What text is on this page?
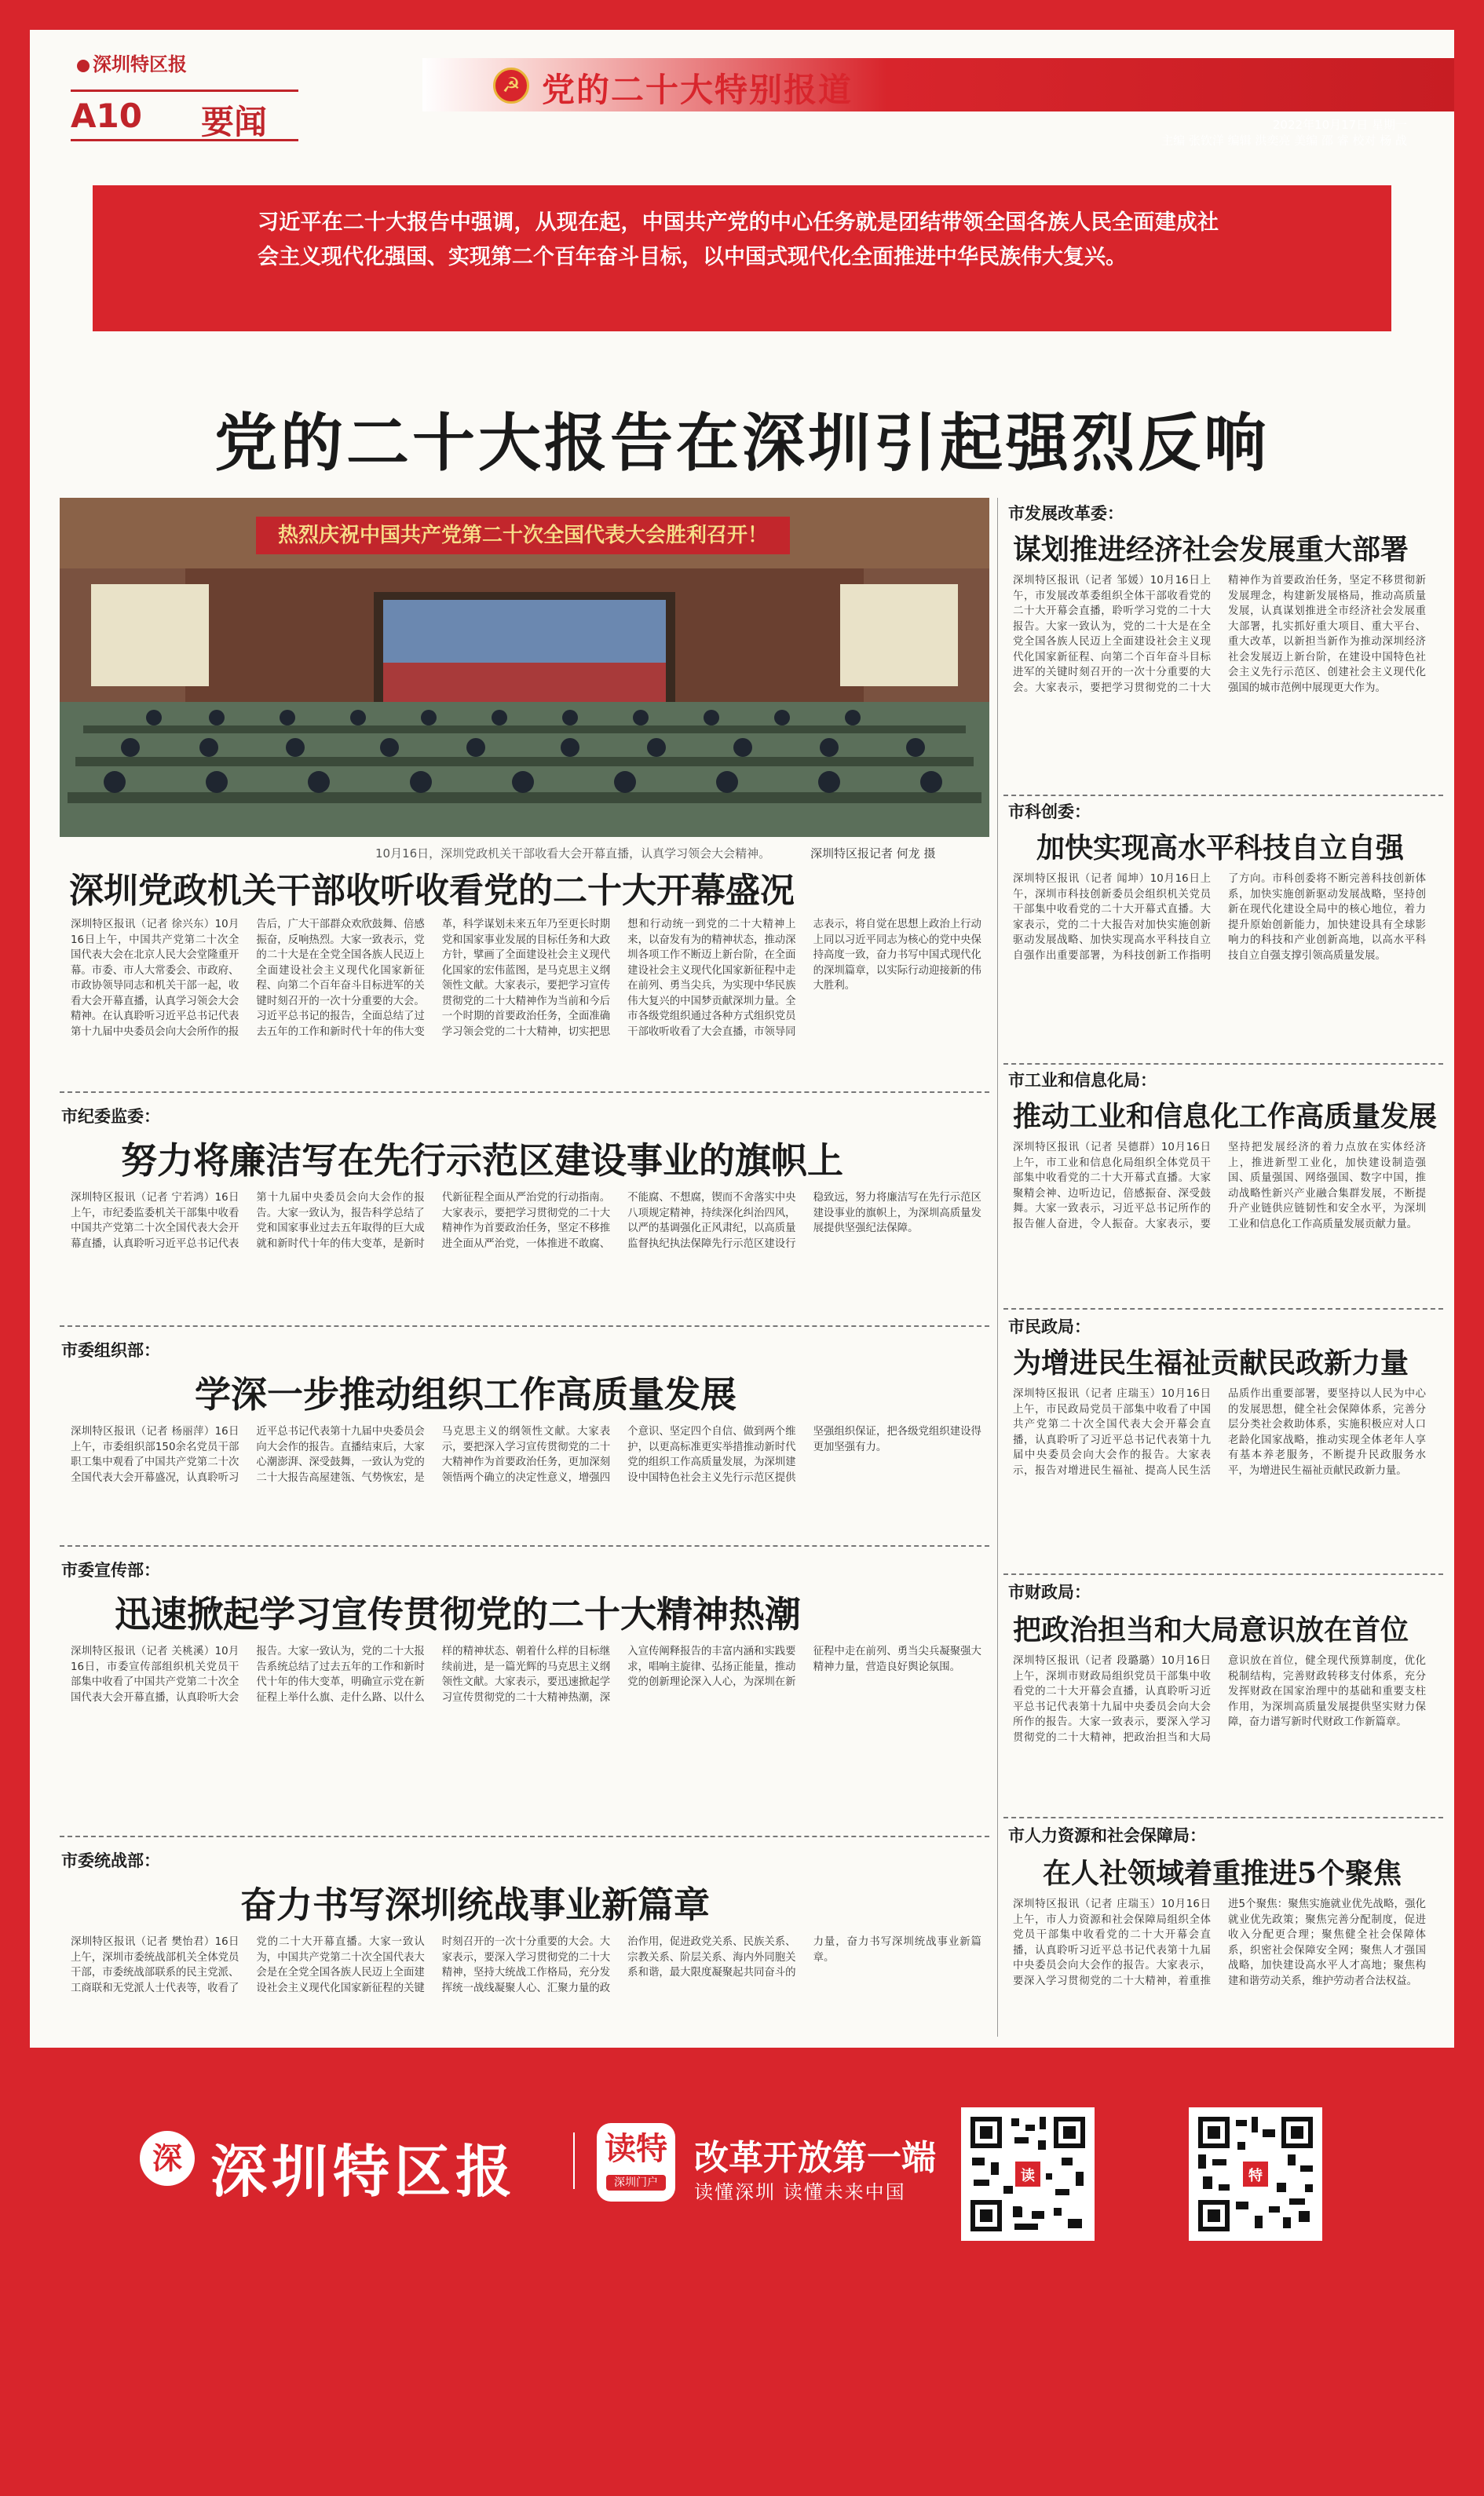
深圳特区报
☭ 党的二十大特别报道
A10 要闻	2022年10月17日 星期一
主编 张钦洋 编辑 洪奕亮 美编 邵 睿 校对 杨 战
习近平在二十大报告中强调，从现在起，中国共产党的中心任务就是团结带领全国各族人民全面建成社会主义现代化强国、实现第二个百年奋斗目标，以中国式现代化全面推进中华民族伟大复兴。
党的二十大报告在深圳引起强烈反响
热烈庆祝中国共产党第二十次全国代表大会胜利召开！
10月16日，深圳党政机关干部收看大会开幕直播，认真学习领会大会精神。	深圳特区报记者 何龙 摄
深圳党政机关干部收听收看党的二十大开幕盛况
深圳特区报讯（记者 徐兴东）10月16日上午，中国共产党第二十次全国代表大会在北京人民大会堂隆重开幕。市委、市人大常委会、市政府、市政协领导同志和机关干部一起，收看大会开幕直播，认真学习领会大会精神。在认真聆听习近平总书记代表第十九届中央委员会向大会所作的报告后，广大干部群众欢欣鼓舞、倍感振奋，反响热烈。大家一致表示，党的二十大是在全党全国各族人民迈上全面建设社会主义现代化国家新征程、向第二个百年奋斗目标进军的关键时刻召开的一次十分重要的大会。习近平总书记的报告，全面总结了过去五年的工作和新时代十年的伟大变革，科学谋划未来五年乃至更长时期党和国家事业发展的目标任务和大政方针，擘画了全面建设社会主义现代化国家的宏伟蓝图，是马克思主义纲领性文献。大家表示，要把学习宣传贯彻党的二十大精神作为当前和今后一个时期的首要政治任务，全面准确学习领会党的二十大精神，切实把思想和行动统一到党的二十大精神上来，以奋发有为的精神状态，推动深圳各项工作不断迈上新台阶，在全面建设社会主义现代化国家新征程中走在前列、勇当尖兵，为实现中华民族伟大复兴的中国梦贡献深圳力量。全市各级党组织通过各种方式组织党员干部收听收看了大会直播，市领导同志表示，将自觉在思想上政治上行动上同以习近平同志为核心的党中央保持高度一致，奋力书写中国式现代化的深圳篇章，以实际行动迎接新的伟大胜利。
市纪委监委：
努力将廉洁写在先行示范区建设事业的旗帜上
深圳特区报讯（记者 宁若鸿）16日上午，市纪委监委机关干部集中收看中国共产党第二十次全国代表大会开幕直播，认真聆听习近平总书记代表第十九届中央委员会向大会作的报告。大家一致认为，报告科学总结了党和国家事业过去五年取得的巨大成就和新时代十年的伟大变革，是新时代新征程全面从严治党的行动指南。大家表示，要把学习贯彻党的二十大精神作为首要政治任务，坚定不移推进全面从严治党，一体推进不敢腐、不能腐、不想腐，锲而不舍落实中央八项规定精神，持续深化纠治四风，以严的基调强化正风肃纪，以高质量监督执纪执法保障先行示范区建设行稳致远，努力将廉洁写在先行示范区建设事业的旗帜上，为深圳高质量发展提供坚强纪法保障。
市委组织部：
学深一步推动组织工作高质量发展
深圳特区报讯（记者 杨丽萍）16日上午，市委组织部150余名党员干部职工集中观看了中国共产党第二十次全国代表大会开幕盛况，认真聆听习近平总书记代表第十九届中央委员会向大会作的报告。直播结束后，大家心潮澎湃、深受鼓舞，一致认为党的二十大报告高屋建瓴、气势恢宏，是马克思主义的纲领性文献。大家表示，要把深入学习宣传贯彻党的二十大精神作为首要政治任务，更加深刻领悟两个确立的决定性意义，增强四个意识、坚定四个自信、做到两个维护，以更高标准更实举措推动新时代党的组织工作高质量发展，为深圳建设中国特色社会主义先行示范区提供坚强组织保证，把各级党组织建设得更加坚强有力。
市委宣传部：
迅速掀起学习宣传贯彻党的二十大精神热潮
深圳特区报讯（记者 关桃溪）10月16日，市委宣传部组织机关党员干部集中收看了中国共产党第二十次全国代表大会开幕直播，认真聆听大会报告。大家一致认为，党的二十大报告系统总结了过去五年的工作和新时代十年的伟大变革，明确宣示党在新征程上举什么旗、走什么路、以什么样的精神状态、朝着什么样的目标继续前进，是一篇光辉的马克思主义纲领性文献。大家表示，要迅速掀起学习宣传贯彻党的二十大精神热潮，深入宣传阐释报告的丰富内涵和实践要求，唱响主旋律、弘扬正能量，推动党的创新理论深入人心，为深圳在新征程中走在前列、勇当尖兵凝聚强大精神力量，营造良好舆论氛围。
市委统战部：
奋力书写深圳统战事业新篇章
深圳特区报讯（记者 樊怡君）16日上午，深圳市委统战部机关全体党员干部，市委统战部联系的民主党派、工商联和无党派人士代表等，收看了党的二十大开幕直播。大家一致认为，中国共产党第二十次全国代表大会是在全党全国各族人民迈上全面建设社会主义现代化国家新征程的关键时刻召开的一次十分重要的大会。大家表示，要深入学习贯彻党的二十大精神，坚持大统战工作格局，充分发挥统一战线凝聚人心、汇聚力量的政治作用，促进政党关系、民族关系、宗教关系、阶层关系、海内外同胞关系和谐，最大限度凝聚起共同奋斗的力量，奋力书写深圳统战事业新篇章。
市发展改革委：
谋划推进经济社会发展重大部署
深圳特区报讯（记者 邹媛）10月16日上午，市发展改革委组织全体干部收看党的二十大开幕会直播，聆听学习党的二十大报告。大家一致认为，党的二十大是在全党全国各族人民迈上全面建设社会主义现代化国家新征程、向第二个百年奋斗目标进军的关键时刻召开的一次十分重要的大会。大家表示，要把学习贯彻党的二十大精神作为首要政治任务，坚定不移贯彻新发展理念，构建新发展格局，推动高质量发展，认真谋划推进全市经济社会发展重大部署，扎实抓好重大项目、重大平台、重大改革，以新担当新作为推动深圳经济社会发展迈上新台阶，在建设中国特色社会主义先行示范区、创建社会主义现代化强国的城市范例中展现更大作为。
市科创委：
加快实现高水平科技自立自强
深圳特区报讯（记者 闻坤）10月16日上午，深圳市科技创新委员会组织机关党员干部集中收看党的二十大开幕式直播。大家表示，党的二十大报告对加快实施创新驱动发展战略、加快实现高水平科技自立自强作出重要部署，为科技创新工作指明了方向。市科创委将不断完善科技创新体系，加快实施创新驱动发展战略，坚持创新在现代化建设全局中的核心地位，着力提升原始创新能力，加快建设具有全球影响力的科技和产业创新高地，以高水平科技自立自强支撑引领高质量发展。
市工业和信息化局：
推动工业和信息化工作高质量发展
深圳特区报讯（记者 吴德群）10月16日上午，市工业和信息化局组织全体党员干部集中收看党的二十大开幕式直播。大家聚精会神、边听边记，倍感振奋、深受鼓舞。大家一致表示，习近平总书记所作的报告催人奋进，令人振奋。大家表示，要坚持把发展经济的着力点放在实体经济上，推进新型工业化，加快建设制造强国、质量强国、网络强国、数字中国，推动战略性新兴产业融合集群发展，不断提升产业链供应链韧性和安全水平，为深圳工业和信息化工作高质量发展贡献力量。
市民政局：
为增进民生福祉贡献民政新力量
深圳特区报讯（记者 庄瑞玉）10月16日上午，市民政局党员干部集中收看了中国共产党第二十次全国代表大会开幕会直播，认真聆听了习近平总书记代表第十九届中央委员会向大会作的报告。大家表示，报告对增进民生福祉、提高人民生活品质作出重要部署，要坚持以人民为中心的发展思想，健全社会保障体系，完善分层分类社会救助体系，实施积极应对人口老龄化国家战略，推动实现全体老年人享有基本养老服务，不断提升民政服务水平，为增进民生福祉贡献民政新力量。
市财政局：
把政治担当和大局意识放在首位
深圳特区报讯（记者 段璐璐）10月16日上午，深圳市财政局组织党员干部集中收看党的二十大开幕会直播，认真聆听习近平总书记代表第十九届中央委员会向大会所作的报告。大家一致表示，要深入学习贯彻党的二十大精神，把政治担当和大局意识放在首位，健全现代预算制度，优化税制结构，完善财政转移支付体系，充分发挥财政在国家治理中的基础和重要支柱作用，为深圳高质量发展提供坚实财力保障，奋力谱写新时代财政工作新篇章。
市人力资源和社会保障局：
在人社领域着重推进5个聚焦
深圳特区报讯（记者 庄瑞玉）10月16日上午，市人力资源和社会保障局组织全体党员干部集中收看党的二十大开幕会直播，认真聆听习近平总书记代表第十九届中央委员会向大会作的报告。大家表示，要深入学习贯彻党的二十大精神，着重推进5个聚焦：聚焦实施就业优先战略，强化就业优先政策；聚焦完善分配制度，促进收入分配更合理；聚焦健全社会保障体系，织密社会保障安全网；聚焦人才强国战略，加快建设高水平人才高地；聚焦构建和谐劳动关系，维护劳动者合法权益。
深 深圳特区报	读特
深圳门户
改革开放第一端
读懂深圳 读懂未来中国
读特
特
